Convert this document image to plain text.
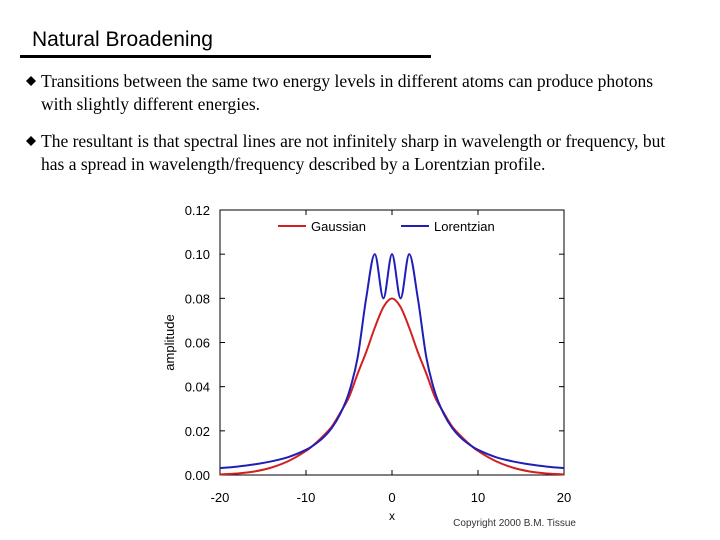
Natural Broadening
Transitions between the same two energy levels in different atoms can produce photons with slightly different energies.
The resultant is that spectral lines are not infinitely sharp in wavelength or frequency, but has a spread in wavelength/frequency described by a Lorentzian profile.
0.00
0.02
0.04
0.06
0.08
0.10
0.12
-20	-10	0	10	20
x
amplitude
Gaussian	Lorentzian
Copyright 2000 B.M. Tissue
